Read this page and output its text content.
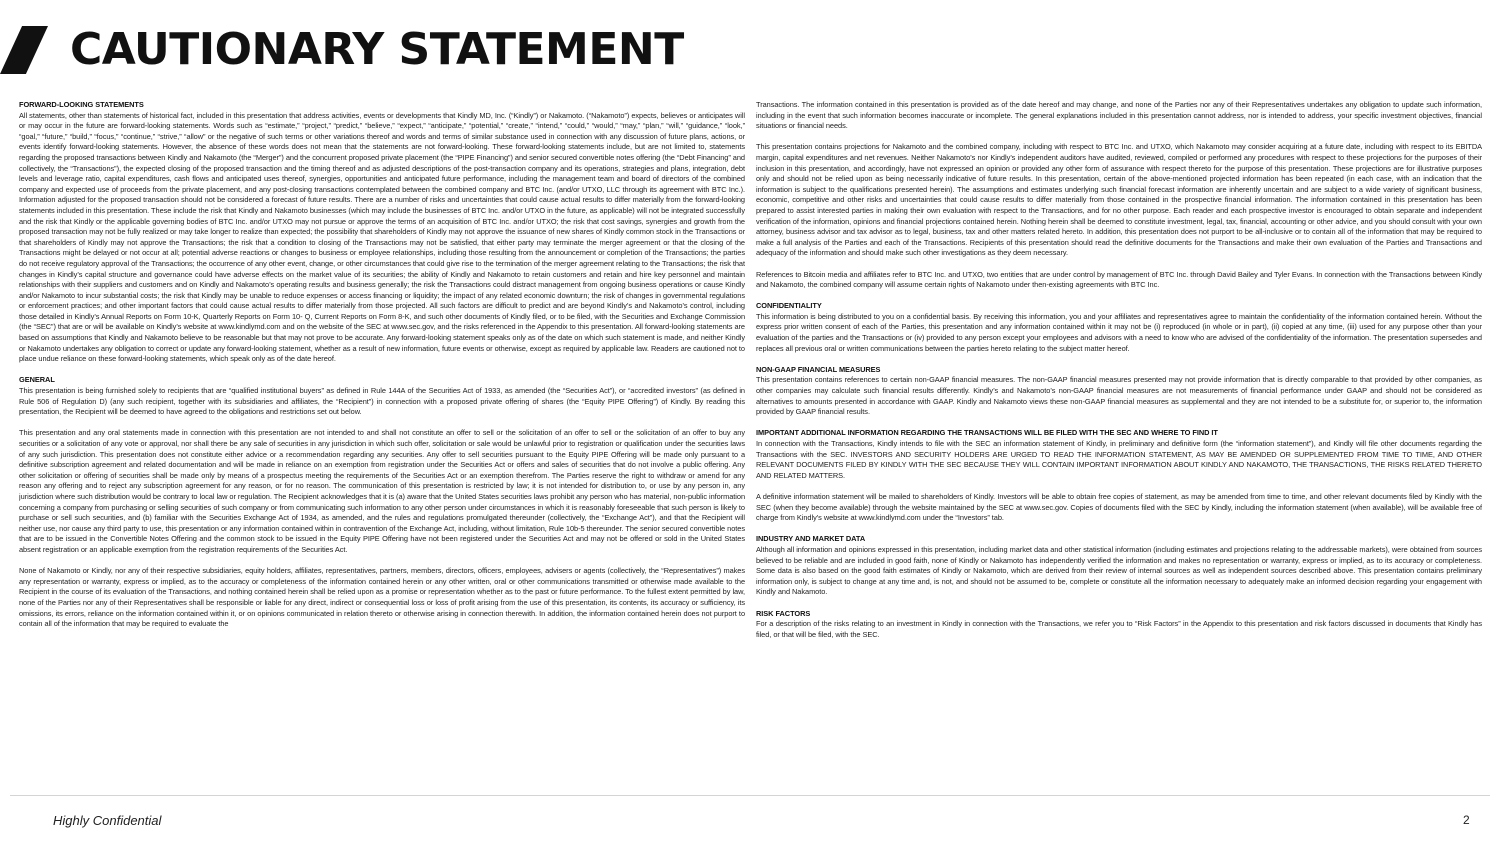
CAUTIONARY STATEMENT
FORWARD-LOOKING STATEMENTS

All statements, other than statements of historical fact, included in this presentation that address activities, events or developments that Kindly MD, Inc. (“Kindly”) or Nakamoto. (“Nakamoto”) expects, believes or anticipates will or may occur in the future are forward-looking statements. Words such as “estimate,” “project,” “predict,” “believe,” “expect,” “anticipate,” “potential,” “create,” “intend,” “could,” “would,” “may,” “plan,” “will,” “guidance,” “look,” “goal,” “future,” “build,” “focus,” “continue,” “strive,” “allow” or the negative of such terms or other variations thereof and words and terms of similar substance used in connection with any discussion of future plans, actions, or events identify forward-looking statements. However, the absence of these words does not mean that the statements are not forward-looking. These forward-looking statements include, but are not limited to, statements regarding the proposed transactions between Kindly and Nakamoto (the “Merger”) and the concurrent proposed private placement (the “PIPE Financing”) and senior secured convertible notes offering (the “Debt Financing” and collectively, the “Transactions”), the expected closing of the proposed transaction and the timing thereof and as adjusted descriptions of the post-transaction company and its operations, strategies and plans, integration, debt levels and leverage ratio, capital expenditures, cash flows and anticipated uses thereof, synergies, opportunities and anticipated future performance, including the management team and board of directors of the combined company and expected use of proceeds from the private placement, and any post-closing transactions contemplated between the combined company and BTC Inc. (and/or UTXO, LLC through its agreement with BTC Inc.). Information adjusted for the proposed transaction should not be considered a forecast of future results. There are a number of risks and uncertainties that could cause actual results to differ materially from the forward-looking statements included in this presentation. These include the risk that Kindly and Nakamoto businesses (which may include the businesses of BTC Inc. and/or UTXO in the future, as applicable) will not be integrated successfully and the risk that Kindly or the applicable governing bodies of BTC Inc. and/or UTXO may not pursue or approve the terms of an acquisition of BTC Inc. and/or UTXO; the risk that cost savings, synergies and growth from the proposed transaction may not be fully realized or may take longer to realize than expected; the possibility that shareholders of Kindly may not approve the issuance of new shares of Kindly common stock in the Transactions or that shareholders of Kindly may not approve the Transactions; the risk that a condition to closing of the Transactions may not be satisfied, that either party may terminate the merger agreement or that the closing of the Transactions might be delayed or not occur at all; potential adverse reactions or changes to business or employee relationships, including those resulting from the announcement or completion of the Transactions; the parties do not receive regulatory approval of the Transactions; the occurrence of any other event, change, or other circumstances that could give rise to the termination of the merger agreement relating to the Transactions; the risk that changes in Kindly’s capital structure and governance could have adverse effects on the market value of its securities; the ability of Kindly and Nakamoto to retain customers and retain and hire key personnel and maintain relationships with their suppliers and customers and on Kindly and Nakamoto’s operating results and business generally; the risk the Transactions could distract management from ongoing business operations or cause Kindly and/or Nakamoto to incur substantial costs; the risk that Kindly may be unable to reduce expenses or access financing or liquidity; the impact of any related economic downturn; the risk of changes in governmental regulations or enforcement practices; and other important factors that could cause actual results to differ materially from those projected. All such factors are difficult to predict and are beyond Kindly’s and Nakamoto’s control, including those detailed in Kindly’s Annual Reports on Form 10-K, Quarterly Reports on Form 10- Q, Current Reports on Form 8-K, and such other documents of Kindly filed, or to be filed, with the Securities and Exchange Commission (the “SEC”) that are or will be available on Kindly’s website at www.kindlymd.com and on the website of the SEC at www.sec.gov, and the risks referenced in the Appendix to this presentation. All forward-looking statements are based on assumptions that Kindly and Nakamoto believe to be reasonable but that may not prove to be accurate. Any forward-looking statement speaks only as of the date on which such statement is made, and neither Kindly or Nakamoto undertakes any obligation to correct or update any forward-looking statement, whether as a result of new information, future events or otherwise, except as required by applicable law. Readers are cautioned not to place undue reliance on these forward-looking statements, which speak only as of the date hereof.

GENERAL

This presentation is being furnished solely to recipients that are “qualified institutional buyers” as defined in Rule 144A of the Securities Act of 1933, as amended (the “Securities Act”), or “accredited investors” (as defined in Rule 506 of Regulation D) (any such recipient, together with its subsidiaries and affiliates, the “Recipient”) in connection with a proposed private offering of shares (the “Equity PIPE Offering”) of Kindly. By reading this presentation, the Recipient will be deemed to have agreed to the obligations and restrictions set out below.

This presentation and any oral statements made in connection with this presentation are not intended to and shall not constitute an offer to sell or the solicitation of an offer to sell or the solicitation of an offer to buy any securities or a solicitation of any vote or approval, nor shall there be any sale of securities in any jurisdiction in which such offer, solicitation or sale would be unlawful prior to registration or qualification under the securities laws of any such jurisdiction. This presentation does not constitute either advice or a recommendation regarding any securities. Any offer to sell securities pursuant to the Equity PIPE Offering will be made only pursuant to a definitive subscription agreement and related documentation and will be made in reliance on an exemption from registration under the Securities Act or offers and sales of securities that do not involve a public offering. Any other solicitation or offering of securities shall be made only by means of a prospectus meeting the requirements of the Securities Act or an exemption therefrom. The Parties reserve the right to withdraw or amend for any reason any offering and to reject any subscription agreement for any reason, or for no reason. The communication of this presentation is restricted by law; it is not intended for distribution to, or use by any person in, any jurisdiction where such distribution would be contrary to local law or regulation. The Recipient acknowledges that it is (a) aware that the United States securities laws prohibit any person who has material, non-public information concerning a company from purchasing or selling securities of such company or from communicating such information to any other person under circumstances in which it is reasonably foreseeable that such person is likely to purchase or sell such securities, and (b) familiar with the Securities Exchange Act of 1934, as amended, and the rules and regulations promulgated thereunder (collectively, the “Exchange Act”), and that the Recipient will neither use, nor cause any third party to use, this presentation or any information contained within in contravention of the Exchange Act, including, without limitation, Rule 10b-5 thereunder. The senior secured convertible notes that are to be issued in the Convertible Notes Offering and the common stock to be issued in the Equity PIPE Offering have not been registered under the Securities Act and may not be offered or sold in the United States absent registration or an applicable exemption from the registration requirements of the Securities Act.

None of Nakamoto or Kindly, nor any of their respective subsidiaries, equity holders, affiliates, representatives, partners, members, directors, officers, employees, advisers or agents (collectively, the “Representatives”) makes any representation or warranty, express or implied, as to the accuracy or completeness of the information contained herein or any other written, oral or other communications transmitted or otherwise made available to the Recipient in the course of its evaluation of the Transactions, and nothing contained herein shall be relied upon as a promise or representation whether as to the past or future performance. To the fullest extent permitted by law, none of the Parties nor any of their Representatives shall be responsible or liable for any direct, indirect or consequential loss or loss of profit arising from the use of this presentation, its contents, its accuracy or sufficiency, its omissions, its errors, reliance on the information contained within it, or on opinions communicated in relation thereto or otherwise arising in connection therewith. In addition, the information contained herein does not purport to contain all of the information that may be required to evaluate the

Transactions. The information contained in this presentation is provided as of the date hereof and may change, and none of the Parties nor any of their Representatives undertakes any obligation to update such information, including in the event that such information becomes inaccurate or incomplete. The general explanations included in this presentation cannot address, nor is intended to address, your specific investment objectives, financial situations or financial needs.

This presentation contains projections for Nakamoto and the combined company, including with respect to BTC Inc. and UTXO, which Nakamoto may consider acquiring at a future date, including with respect to its EBITDA margin, capital expenditures and net revenues. Neither Nakamoto’s nor Kindly’s independent auditors have audited, reviewed, compiled or performed any procedures with respect to these projections for the purposes of their inclusion in this presentation, and accordingly, have not expressed an opinion or provided any other form of assurance with respect thereto for the purpose of this presentation. These projections are for illustrative purposes only and should not be relied upon as being necessarily indicative of future results. In this presentation, certain of the above-mentioned projected information has been repeated (in each case, with an indication that the information is subject to the qualifications presented herein). The assumptions and estimates underlying such financial forecast information are inherently uncertain and are subject to a wide variety of significant business, economic, competitive and other risks and uncertainties that could cause results to differ materially from those contained in the prospective financial information. The information contained in this presentation has been prepared to assist interested parties in making their own evaluation with respect to the Transactions, and for no other purpose. Each reader and each prospective investor is encouraged to obtain separate and independent verification of the information, opinions and financial projections contained herein. Nothing herein shall be deemed to constitute investment, legal, tax, financial, accounting or other advice, and you should consult with your own attorney, business advisor and tax advisor as to legal, business, tax and other matters related hereto. In addition, this presentation does not purport to be all-inclusive or to contain all of the information that may be required to make a full analysis of the Parties and each of the Transactions. Recipients of this presentation should read the definitive documents for the Transactions and make their own evaluation of the Parties and Transactions and adequacy of the information and should make such other investigations as they deem necessary.

References to Bitcoin media and affiliates refer to BTC Inc. and UTXO, two entities that are under control by management of BTC Inc. through David Bailey and Tyler Evans. In connection with the Transactions between Kindly and Nakamoto, the combined company will assume certain rights of Nakamoto under then-existing agreements with BTC Inc.

CONFIDENTIALITY

This information is being distributed to you on a confidential basis. By receiving this information, you and your affiliates and representatives agree to maintain the confidentiality of the information contained herein. Without the express prior written consent of each of the Parties, this presentation and any information contained within it may not be (i) reproduced (in whole or in part), (ii) copied at any time, (iii) used for any purpose other than your evaluation of the parties and the Transactions or (iv) provided to any person except your employees and advisors with a need to know who are advised of the confidentiality of the information. The presentation supersedes and replaces all previous oral or written communications between the parties hereto relating to the subject matter hereof.

NON-GAAP FINANCIAL MEASURES

This presentation contains references to certain non-GAAP financial measures. The non-GAAP financial measures presented may not provide information that is directly comparable to that provided by other companies, as other companies may calculate such financial results differently. Kindly’s and Nakamoto’s non-GAAP financial measures are not measurements of financial performance under GAAP and should not be considered as alternatives to amounts presented in accordance with GAAP. Kindly and Nakamoto views these non-GAAP financial measures as supplemental and they are not intended to be a substitute for, or superior to, the information provided by GAAP financial results.

IMPORTANT ADDITIONAL INFORMATION REGARDING THE TRANSACTIONS WILL BE FILED WITH THE SEC AND WHERE TO FIND IT

In connection with the Transactions, Kindly intends to file with the SEC an information statement of Kindly, in preliminary and definitive form (the “information statement”), and Kindly will file other documents regarding the Transactions with the SEC. INVESTORS AND SECURITY HOLDERS ARE URGED TO READ THE INFORMATION STATEMENT, AS MAY BE AMENDED OR SUPPLEMENTED FROM TIME TO TIME, AND OTHER RELEVANT DOCUMENTS FILED BY KINDLY WITH THE SEC BECAUSE THEY WILL CONTAIN IMPORTANT INFORMATION ABOUT KINDLY AND NAKAMOTO, THE TRANSACTIONS, THE RISKS RELATED THERETO AND RELATED MATTERS.

A definitive information statement will be mailed to shareholders of Kindly. Investors will be able to obtain free copies of statement, as may be amended from time to time, and other relevant documents filed by Kindly with the SEC (when they become available) through the website maintained by the SEC at www.sec.gov. Copies of documents filed with the SEC by Kindly, including the information statement (when available), will be available free of charge from Kindly’s website at www.kindlymd.com under the “Investors” tab.

INDUSTRY AND MARKET DATA

Although all information and opinions expressed in this presentation, including market data and other statistical information (including estimates and projections relating to the addressable markets), were obtained from sources believed to be reliable and are included in good faith, none of Kindly or Nakamoto has independently verified the information and makes no representation or warranty, express or implied, as to its accuracy or completeness. Some data is also based on the good faith estimates of Kindly or Nakamoto, which are derived from their review of internal sources as well as independent sources described above. This presentation contains preliminary information only, is subject to change at any time and, is not, and should not be assumed to be, complete or constitute all the information necessary to adequately make an informed decision regarding your engagement with Kindly and Nakamoto.

RISK FACTORS

For a description of the risks relating to an investment in Kindly in connection with the Transactions, we refer you to “Risk Factors” in the Appendix to this presentation and risk factors discussed in documents that Kindly has filed, or that will be filed, with the SEC.

Highly Confidential	2
